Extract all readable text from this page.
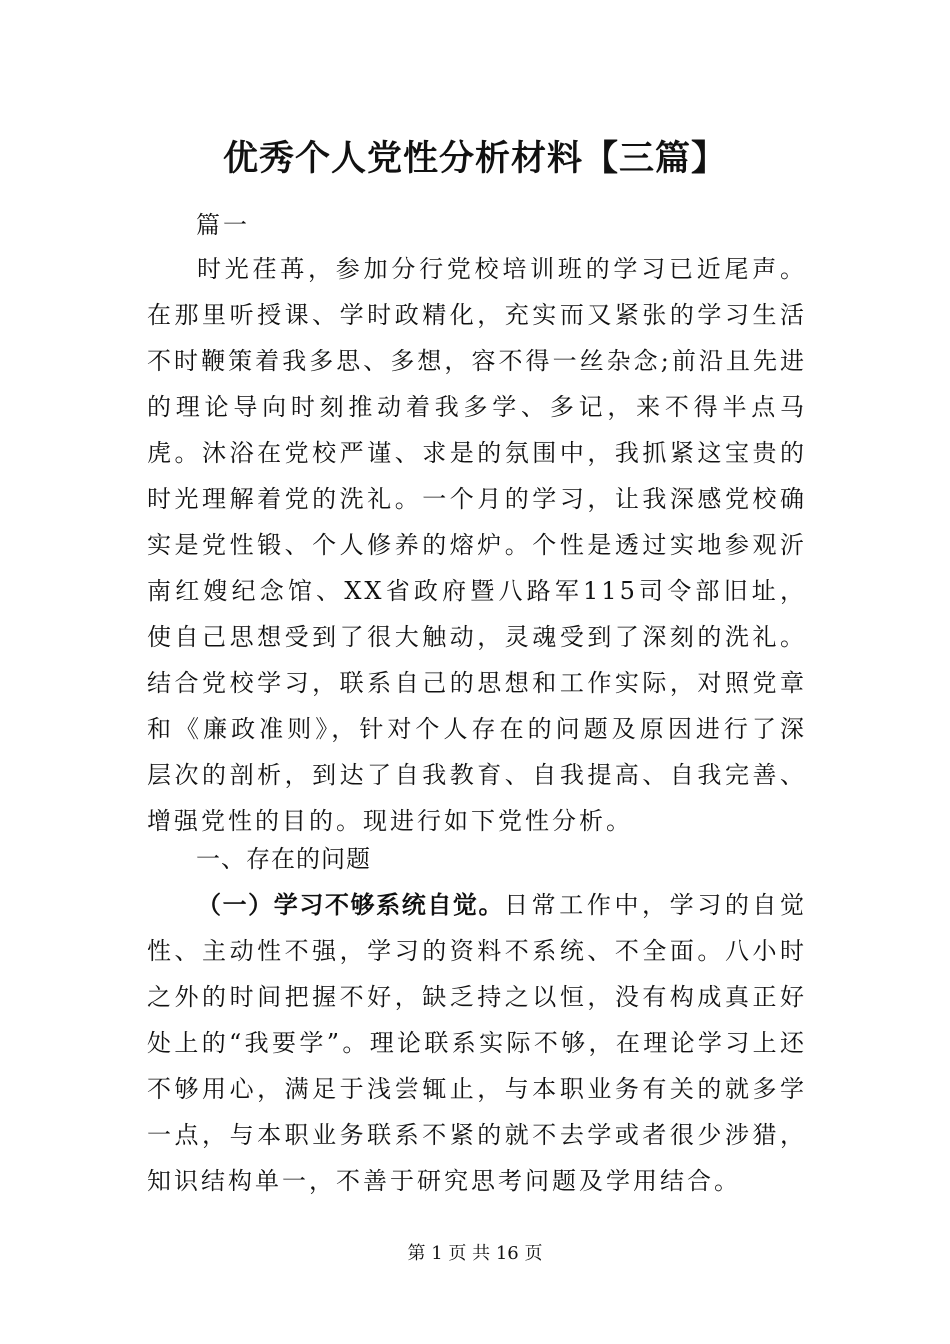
优秀个人党性分析材料【三篇】
篇一

时光荏苒，参加分行党校培训班的学习已近尾声。在那里听授课、学时政精化，充实而又紧张的学习生活不时鞭策着我多思、多想，容不得一丝杂念;前沿且先进的理论导向时刻推动着我多学、多记，来不得半点马虎。沐浴在党校严谨、求是的氛围中，我抓紧这宝贵的时光理解着党的洗礼。一个月的学习，让我深感党校确实是党性锻、个人修养的熔炉。个性是透过实地参观沂南红嫂纪念馆、XX省政府暨八路军115司令部旧址，使自己思想受到了很大触动，灵魂受到了深刻的洗礼。结合党校学习，联系自己的思想和工作实际，对照党章和《廉政准则》，针对个人存在的问题及原因进行了深层次的剖析，到达了自我教育、自我提高、自我完善、增强党性的目的。现进行如下党性分析。

一、存在的问题

（一）学习不够系统自觉。日常工作中，学习的自觉性、主动性不强，学习的资料不系统、不全面。八小时之外的时间把握不好，缺乏持之以恒，没有构成真正好处上的“我要学”。理论联系实际不够，在理论学习上还不够用心，满足于浅尝辄止，与本职业务有关的就多学一点，与本职业务联系不紧的就不去学或者很少涉猎，知识结构单一，不善于研究思考问题及学用结合。

第 1 页 共 16 页
